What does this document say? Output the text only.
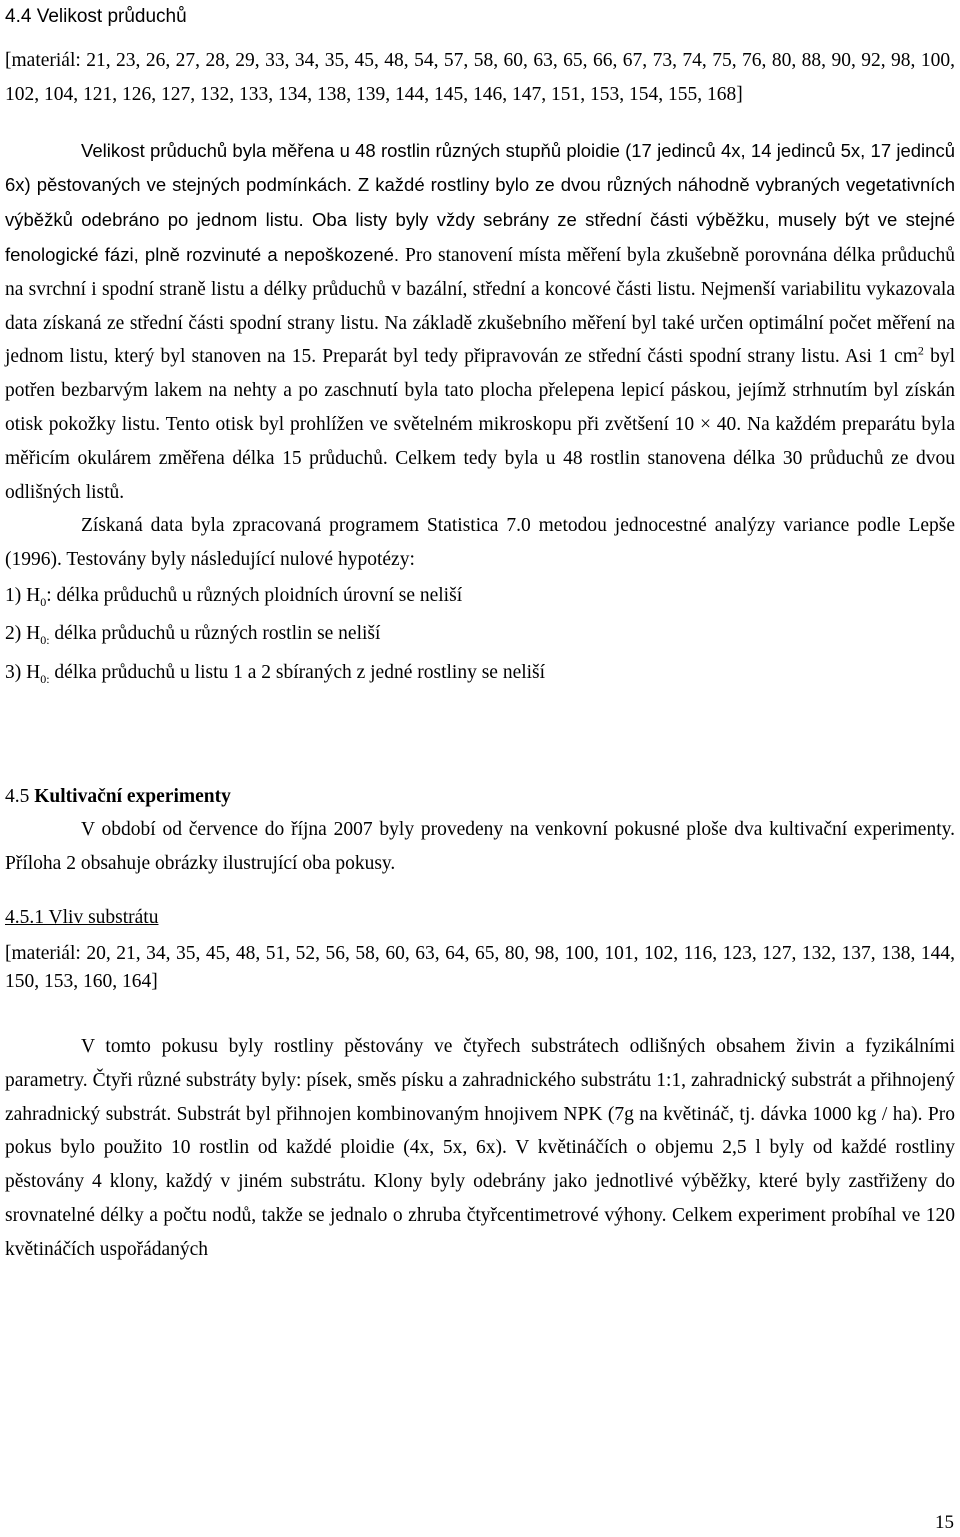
4.4 Velikost průduchů

[materiál: 21, 23, 26, 27, 28, 29, 33, 34, 35, 45, 48, 54, 57, 58, 60, 63, 65, 66, 67, 73, 74, 75, 76, 80, 88, 90, 92, 98, 100, 102, 104, 121, 126, 127, 132, 133, 134, 138, 139, 144, 145, 146, 147, 151, 153, 154, 155, 168]

Velikost průduchů byla měřena u 48 rostlin různých stupňů ploidie (17 jedinců 4x, 14 jedinců 5x, 17 jedinců 6x) pěstovaných ve stejných podmínkách. Z každé rostliny bylo ze dvou různých náhodně vybraných vegetativních výběžků odebráno po jednom listu. Oba listy byly vždy sebrány ze střední části výběžku, musely být ve stejné fenologické fázi, plně rozvinuté a nepoškozené. Pro stanovení místa měření byla zkušebně porovnána délka průduchů na svrchní i spodní straně listu a délky průduchů v bazální, střední a koncové části listu. Nejmenší variabilitu vykazovala data získaná ze střední části spodní strany listu. Na základě zkušebního měření byl také určen optimální počet měření na jednom listu, který byl stanoven na 15. Preparát byl tedy připravován ze střední části spodní strany listu. Asi 1 $cm^2$ byl potřen bezbarvým lakem na nehty a po zaschnutí byla tato plocha přelepena lepicí páskou, jejímž strhnutím byl získán otisk pokožky listu. Tento otisk byl prohlížen ve světelném mikroskopu při zvětšení 10 × 40. Na každém preparátu byla měřicím okulárem změřena délka 15 průduchů. Celkem tedy byla u 48 rostlin stanovena délka 30 průduchů ze dvou odlišných listů.

Získaná data byla zpracovaná programem Statistica 7.0 metodou jednocestné analýzy variance podle Lepše (1996). Testovány byly následující nulové hypotézy:

1) $H_0$: délka průduchů u různých ploidních úrovní se neliší

2) $H_{0:}$ délka průduchů u různých rostlin se neliší

3) $H_{0:}$ délka průduchů u listu 1 a 2 sbíraných z jedné rostliny se neliší

4.5 Kultivační experimenty

V období od července do října 2007 byly provedeny na venkovní pokusné ploše dva kultivační experimenty. Příloha 2 obsahuje obrázky ilustrující oba pokusy.

4.5.1 Vliv substrátu

[materiál: 20, 21, 34, 35, 45, 48, 51, 52, 56, 58, 60, 63, 64, 65, 80, 98, 100, 101, 102, 116, 123, 127, 132, 137, 138, 144, 150, 153, 160, 164]

V tomto pokusu byly rostliny pěstovány ve čtyřech substrátech odlišných obsahem živin a fyzikálními parametry. Čtyři různé substráty byly: písek, směs písku a zahradnického substrátu 1:1, zahradnický substrát a přihnojený zahradnický substrát. Substrát byl přihnojen kombinovaným hnojivem NPK (7g na květináč, tj. dávka 1000 kg / ha). Pro pokus bylo použito 10 rostlin od každé ploidie (4x, 5x, 6x). V květináčích o objemu 2,5 l byly od každé rostliny pěstovány 4 klony, každý v jiném substrátu. Klony byly odebrány jako jednotlivé výběžky, které byly zastřiženy do srovnatelné délky a počtu nodů, takže se jednalo o zhruba čtyřcentimetrové výhony. Celkem experiment probíhal ve 120 květináčích uspořádaných

15
